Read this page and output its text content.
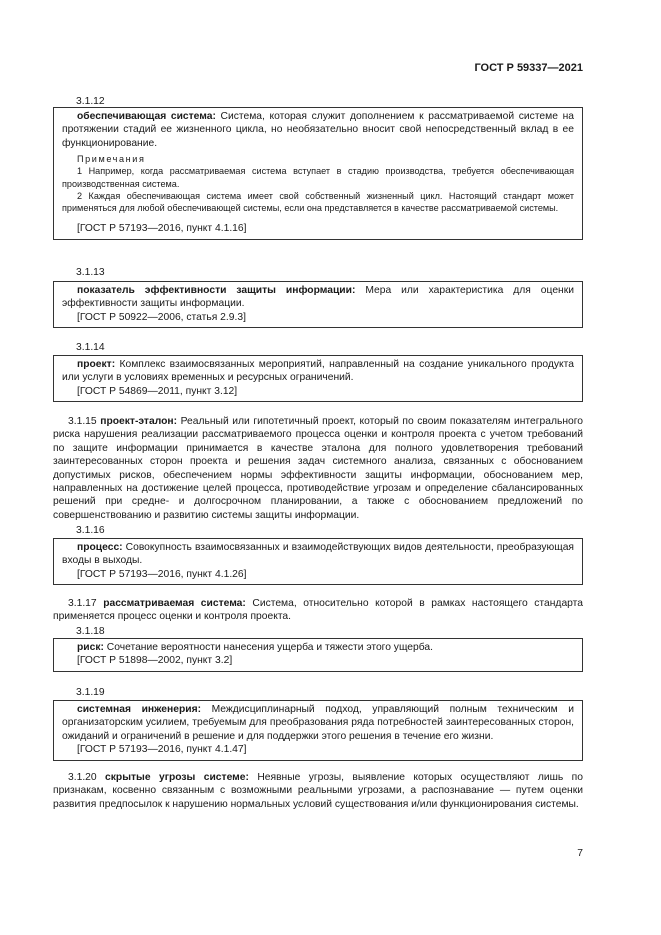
ГОСТ Р 59337—2021
3.1.12

обеспечивающая система: Система, которая служит дополнением к рассматриваемой системе на протяжении стадий ее жизненного цикла, но необязательно вносит свой непосредственный вклад в ее функционирование.

Примечания

1 Например, когда рассматриваемая система вступает в стадию производства, требуется обеспечивающая производственная система.

2 Каждая обеспечивающая система имеет свой собственный жизненный цикл. Настоящий стандарт может применяться для любой обеспечивающей системы, если она представляется в качестве рассматриваемой системы.

[ГОСТ Р 57193—2016, пункт 4.1.16]

3.1.13

показатель эффективности защиты информации: Мера или характеристика для оценки эффективности защиты информации.

[ГОСТ Р 50922—2006, статья 2.9.3]

3.1.14

проект: Комплекс взаимосвязанных мероприятий, направленный на создание уникального продукта или услуги в условиях временных и ресурсных ограничений.

[ГОСТ Р 54869—2011, пункт 3.12]

3.1.15 проект-эталон: Реальный или гипотетичный проект, который по своим показателям интегрального риска нарушения реализации рассматриваемого процесса оценки и контроля проекта с учетом требований по защите информации принимается в качестве эталона для полного удовлетворения требований заинтересованных сторон проекта и решения задач системного анализа, связанных с обоснованием допустимых рисков, обеспечением нормы эффективности защиты информации, обоснованием мер, направленных на достижение целей процесса, противодействие угрозам и определение сбалансированных решений при средне- и долгосрочном планировании, а также с обоснованием предложений по совершенствованию и развитию системы защиты информации.

3.1.16

процесс: Совокупность взаимосвязанных и взаимодействующих видов деятельности, преобразующая входы в выходы.

[ГОСТ Р 57193—2016, пункт 4.1.26]

3.1.17 рассматриваемая система: Система, относительно которой в рамках настоящего стандарта применяется процесс оценки и контроля проекта.

3.1.18

риск: Сочетание вероятности нанесения ущерба и тяжести этого ущерба.

[ГОСТ Р 51898—2002, пункт 3.2]

3.1.19

системная инженерия: Междисциплинарный подход, управляющий полным техническим и организаторским усилием, требуемым для преобразования ряда потребностей заинтересованных сторон, ожиданий и ограничений в решение и для поддержки этого решения в течение его жизни.

[ГОСТ Р 57193—2016, пункт 4.1.47]

3.1.20 скрытые угрозы системе: Неявные угрозы, выявление которых осуществляют лишь по признакам, косвенно связанным с возможными реальными угрозами, а распознавание — путем оценки развития предпосылок к нарушению нормальных условий существования и/или функционирования системы.

7
